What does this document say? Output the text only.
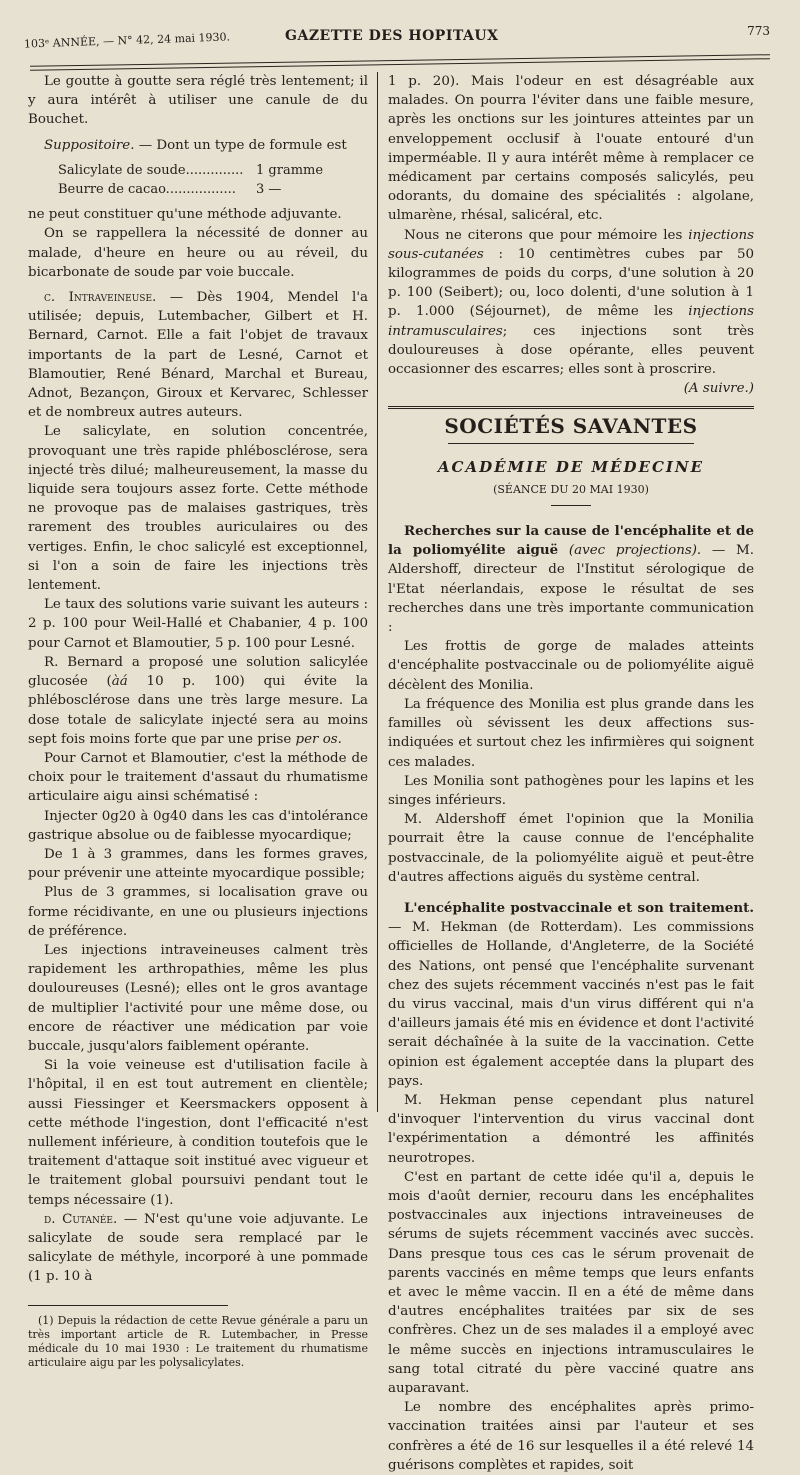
103ᵉ ANNÉE, — N° 42, 24 mai 1930.	GAZETTE DES HOPITAUX	773

Le goutte à goutte sera réglé très lentement; il y aura intérêt à utiliser une canule de du Bouchet.

Suppositoire. — Dont un type de formule est

Salicylate de soude.............. 1 gramme
Beurre de cacao.................	3 —

ne peut constituer qu'une méthode adjuvante.

On se rappellera la nécessité de donner au malade, d'heure en heure ou au réveil, du bicarbonate de soude par voie buccale.

c. Intraveineuse. — Dès 1904, Mendel l'a utilisée; depuis, Lutembacher, Gilbert et H. Bernard, Carnot. Elle a fait l'objet de travaux importants de la part de Lesné, Carnot et Blamoutier, René Bénard, Marchal et Bureau, Adnot, Bezançon, Giroux et Kervarec, Schlesser et de nombreux autres auteurs.

Le salicylate, en solution concentrée, provoquant une très rapide phlébosclérose, sera injecté très dilué; malheureusement, la masse du liquide sera toujours assez forte. Cette méthode ne provoque pas de malaises gastriques, très rarement des troubles auriculaires ou des vertiges. Enfin, le choc salicylé est exceptionnel, si l'on a soin de faire les injections très lentement.

Le taux des solutions varie suivant les auteurs : 2 p. 100 pour Weil-Hallé et Chabanier, 4 p. 100 pour Carnot et Blamoutier, 5 p. 100 pour Lesné.

R. Bernard a proposé une solution salicylée glucosée (àá 10 p. 100) qui évite la phlébosclérose dans une très large mesure. La dose totale de salicylate injecté sera au moins sept fois moins forte que par une prise per os.

Pour Carnot et Blamoutier, c'est la méthode de choix pour le traitement d'assaut du rhumatisme articulaire aigu ainsi schématisé :

Injecter 0g20 à 0g40 dans les cas d'intolérance gastrique absolue ou de faiblesse myocardique;

De 1 à 3 grammes, dans les formes graves, pour prévenir une atteinte myocardique possible;

Plus de 3 grammes, si localisation grave ou forme récidivante, en une ou plusieurs injections de préférence.

Les injections intraveineuses calment très rapidement les arthropathies, même les plus douloureuses (Lesné); elles ont le gros avantage de multiplier l'activité pour une même dose, ou encore de réactiver une médication par voie buccale, jusqu'alors faiblement opérante.

Si la voie veineuse est d'utilisation facile à l'hôpital, il en est tout autrement en clientèle; aussi Fiessinger et Keersmackers opposent à cette méthode l'ingestion, dont l'efficacité n'est nullement inférieure, à condition toutefois que le traitement d'attaque soit institué avec vigueur et le traitement global poursuivi pendant tout le temps nécessaire (1).

d. Cutanée. — N'est qu'une voie adjuvante. Le salicylate de soude sera remplacé par le salicylate de méthyle, incorporé à une pommade (1 p. 10 à

(1) Depuis la rédaction de cette Revue générale a paru un très important article de R. Lutembacher, in Presse médicale du 10 mai 1930 : Le traitement du rhumatisme articulaire aigu par les polysalicylates.

1 p. 20). Mais l'odeur en est désagréable aux malades. On pourra l'éviter dans une faible mesure, après les onctions sur les jointures atteintes par un enveloppement occlusif à l'ouate entouré d'un imperméable. Il y aura intérêt même à remplacer ce médicament par certains composés salicylés, peu odorants, du domaine des spécialités : algolane, ulmarène, rhésal, salicéral, etc.

Nous ne citerons que pour mémoire les injections sous-cutanées : 10 centimètres cubes par 50 kilogrammes de poids du corps, d'une solution à 20 p. 100 (Seibert); ou, loco dolenti, d'une solution à 1 p. 1.000 (Séjournet), de même les injections intramusculaires; ces injections sont très douloureuses à dose opérante, elles peuvent occasionner des escarres; elles sont à proscrire.

(A suivre.)
SOCIÉTÉS SAVANTES
ACADÉMIE DE MÉDECINE
(SÉANCE DU 20 MAI 1930)

Recherches sur la cause de l'encéphalite et de la poliomyélite aiguë (avec projections). — M. Aldershoff, directeur de l'Institut sérologique de l'Etat néerlandais, expose le résultat de ses recherches dans une très importante communication :

Les frottis de gorge de malades atteints d'encéphalite postvaccinale ou de poliomyélite aiguë décèlent des Monilia.

La fréquence des Monilia est plus grande dans les familles où sévissent les deux affections sus-indiquées et surtout chez les infirmières qui soignent ces malades.

Les Monilia sont pathogènes pour les lapins et les singes inférieurs.

M. Aldershoff émet l'opinion que la Monilia pourrait être la cause connue de l'encéphalite postvaccinale, de la poliomyélite aiguë et peut-être d'autres affections aiguës du système central.

L'encéphalite postvaccinale et son traitement. — M. Hekman (de Rotterdam). Les commissions officielles de Hollande, d'Angleterre, de la Société des Nations, ont pensé que l'encéphalite survenant chez des sujets récemment vaccinés n'est pas le fait du virus vaccinal, mais d'un virus différent qui n'a d'ailleurs jamais été mis en évidence et dont l'activité serait déchaînée à la suite de la vaccination. Cette opinion est également acceptée dans la plupart des pays.

M. Hekman pense cependant plus naturel d'invoquer l'intervention du virus vaccinal dont l'expérimentation a démontré les affinités neurotropes.

C'est en partant de cette idée qu'il a, depuis le mois d'août dernier, recouru dans les encéphalites postvaccinales aux injections intraveineuses de sérums de sujets récemment vaccinés avec succès. Dans presque tous ces cas le sérum provenait de parents vaccinés en même temps que leurs enfants et avec le même vaccin. Il en a été de même dans d'autres encéphalites traitées par six de ses confrères. Chez un de ses malades il a employé avec le même succès en injections intramusculaires le sang total citraté du père vacciné quatre ans auparavant.

Le nombre des encéphalites après primo-vaccination traitées ainsi par l'auteur et ses confrères a été de 16 sur lesquelles il a été relevé 14 guérisons complètes et rapides, soit
